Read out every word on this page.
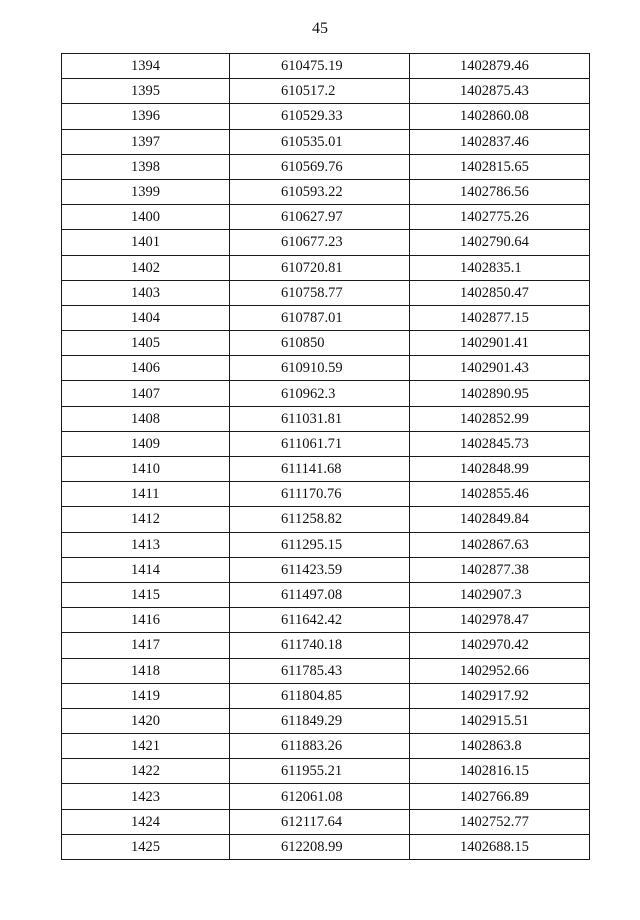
45
1394	610475.19	1402879.46
1395	610517.2	1402875.43
1396	610529.33	1402860.08
1397	610535.01	1402837.46
1398	610569.76	1402815.65
1399	610593.22	1402786.56
1400	610627.97	1402775.26
1401	610677.23	1402790.64
1402	610720.81	1402835.1
1403	610758.77	1402850.47
1404	610787.01	1402877.15
1405	610850	1402901.41
1406	610910.59	1402901.43
1407	610962.3	1402890.95
1408	611031.81	1402852.99
1409	611061.71	1402845.73
1410	611141.68	1402848.99
1411	611170.76	1402855.46
1412	611258.82	1402849.84
1413	611295.15	1402867.63
1414	611423.59	1402877.38
1415	611497.08	1402907.3
1416	611642.42	1402978.47
1417	611740.18	1402970.42
1418	611785.43	1402952.66
1419	611804.85	1402917.92
1420	611849.29	1402915.51
1421	611883.26	1402863.8
1422	611955.21	1402816.15
1423	612061.08	1402766.89
1424	612117.64	1402752.77
1425	612208.99	1402688.15
